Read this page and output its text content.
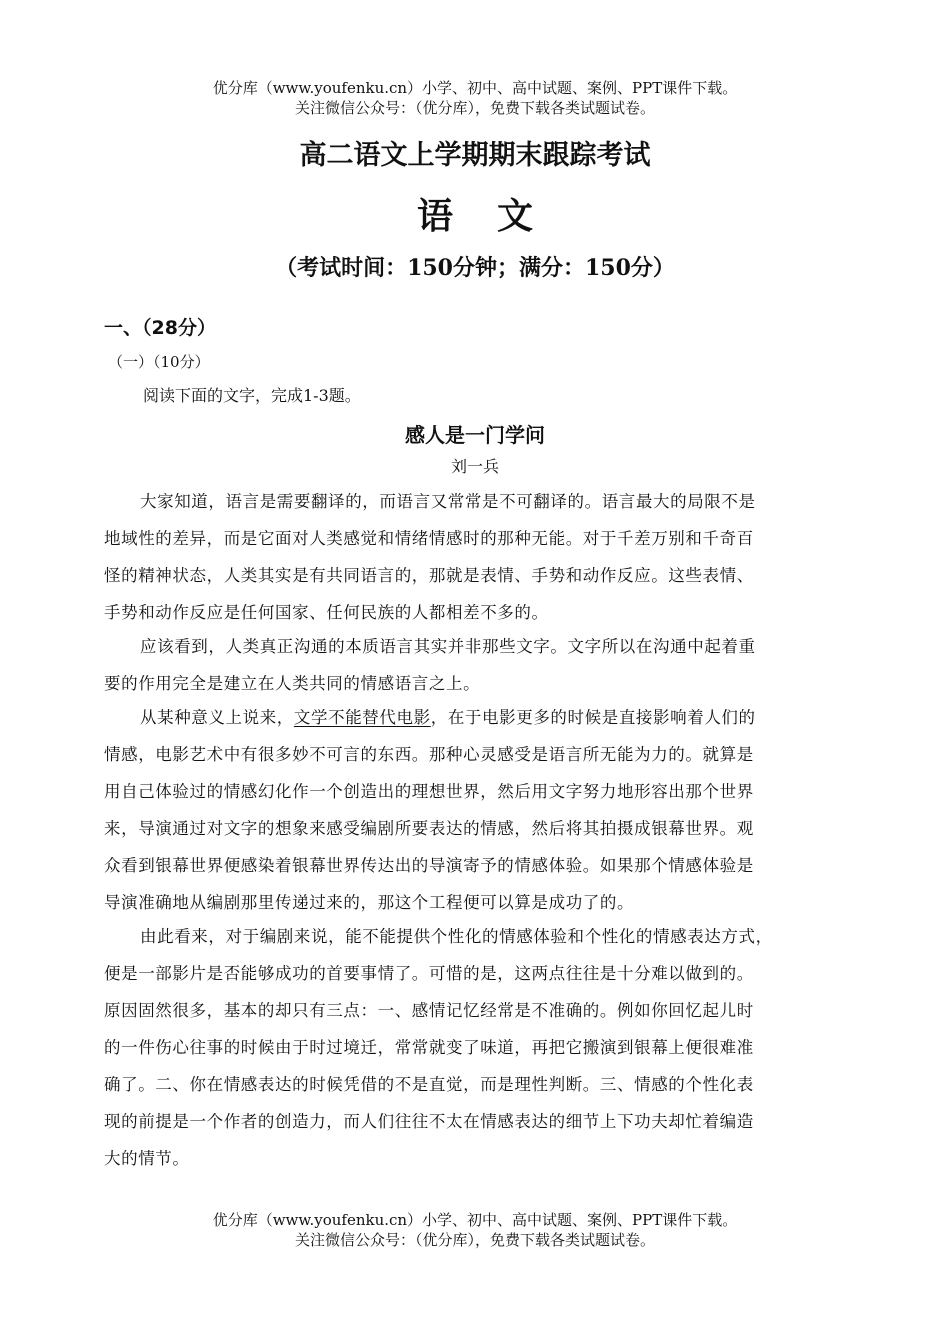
优分库（www.youfenku.cn）小学、初中、高中试题、案例、PPT课件下载。
关注微信公众号：（优分库），免费下载各类试题试卷。
高二语文上学期期末跟踪考试
语文
（考试时间：150分钟；满分：150分）
一、（28分）
（一）（10分）
阅读下面的文字，完成1-3题。
感人是一门学问
刘一兵
大家知道，语言是需要翻译的，而语言又常常是不可翻译的。语言最大的局限不是
地域性的差异，而是它面对人类感觉和情绪情感时的那种无能。对于千差万别和千奇百
怪的精神状态，人类其实是有共同语言的，那就是表情、手势和动作反应。这些表情、
手势和动作反应是任何国家、任何民族的人都相差不多的。
应该看到，人类真正沟通的本质语言其实并非那些文字。文字所以在沟通中起着重
要的作用完全是建立在人类共同的情感语言之上。
从某种意义上说来，文学不能替代电影，在于电影更多的时候是直接影响着人们的
情感，电影艺术中有很多妙不可言的东西。那种心灵感受是语言所无能为力的。就算是
用自己体验过的情感幻化作一个创造出的理想世界，然后用文字努力地形容出那个世界
来，导演通过对文字的想象来感受编剧所要表达的情感，然后将其拍摄成银幕世界。观
众看到银幕世界便感染着银幕世界传达出的导演寄予的情感体验。如果那个情感体验是
导演准确地从编剧那里传递过来的，那这个工程便可以算是成功了的。
由此看来，对于编剧来说，能不能提供个性化的情感体验和个性化的情感表达方式，
便是一部影片是否能够成功的首要事情了。可惜的是，这两点往往是十分难以做到的。
原因固然很多，基本的却只有三点：一、感情记忆经常是不准确的。例如你回忆起儿时
的一件伤心往事的时候由于时过境迁，常常就变了味道，再把它搬演到银幕上便很难准
确了。二、你在情感表达的时候凭借的不是直觉，而是理性判断。三、情感的个性化表
现的前提是一个作者的创造力，而人们往往不太在情感表达的细节上下功夫却忙着编造
大的情节。
优分库（www.youfenku.cn）小学、初中、高中试题、案例、PPT课件下载。
关注微信公众号：（优分库），免费下载各类试题试卷。
